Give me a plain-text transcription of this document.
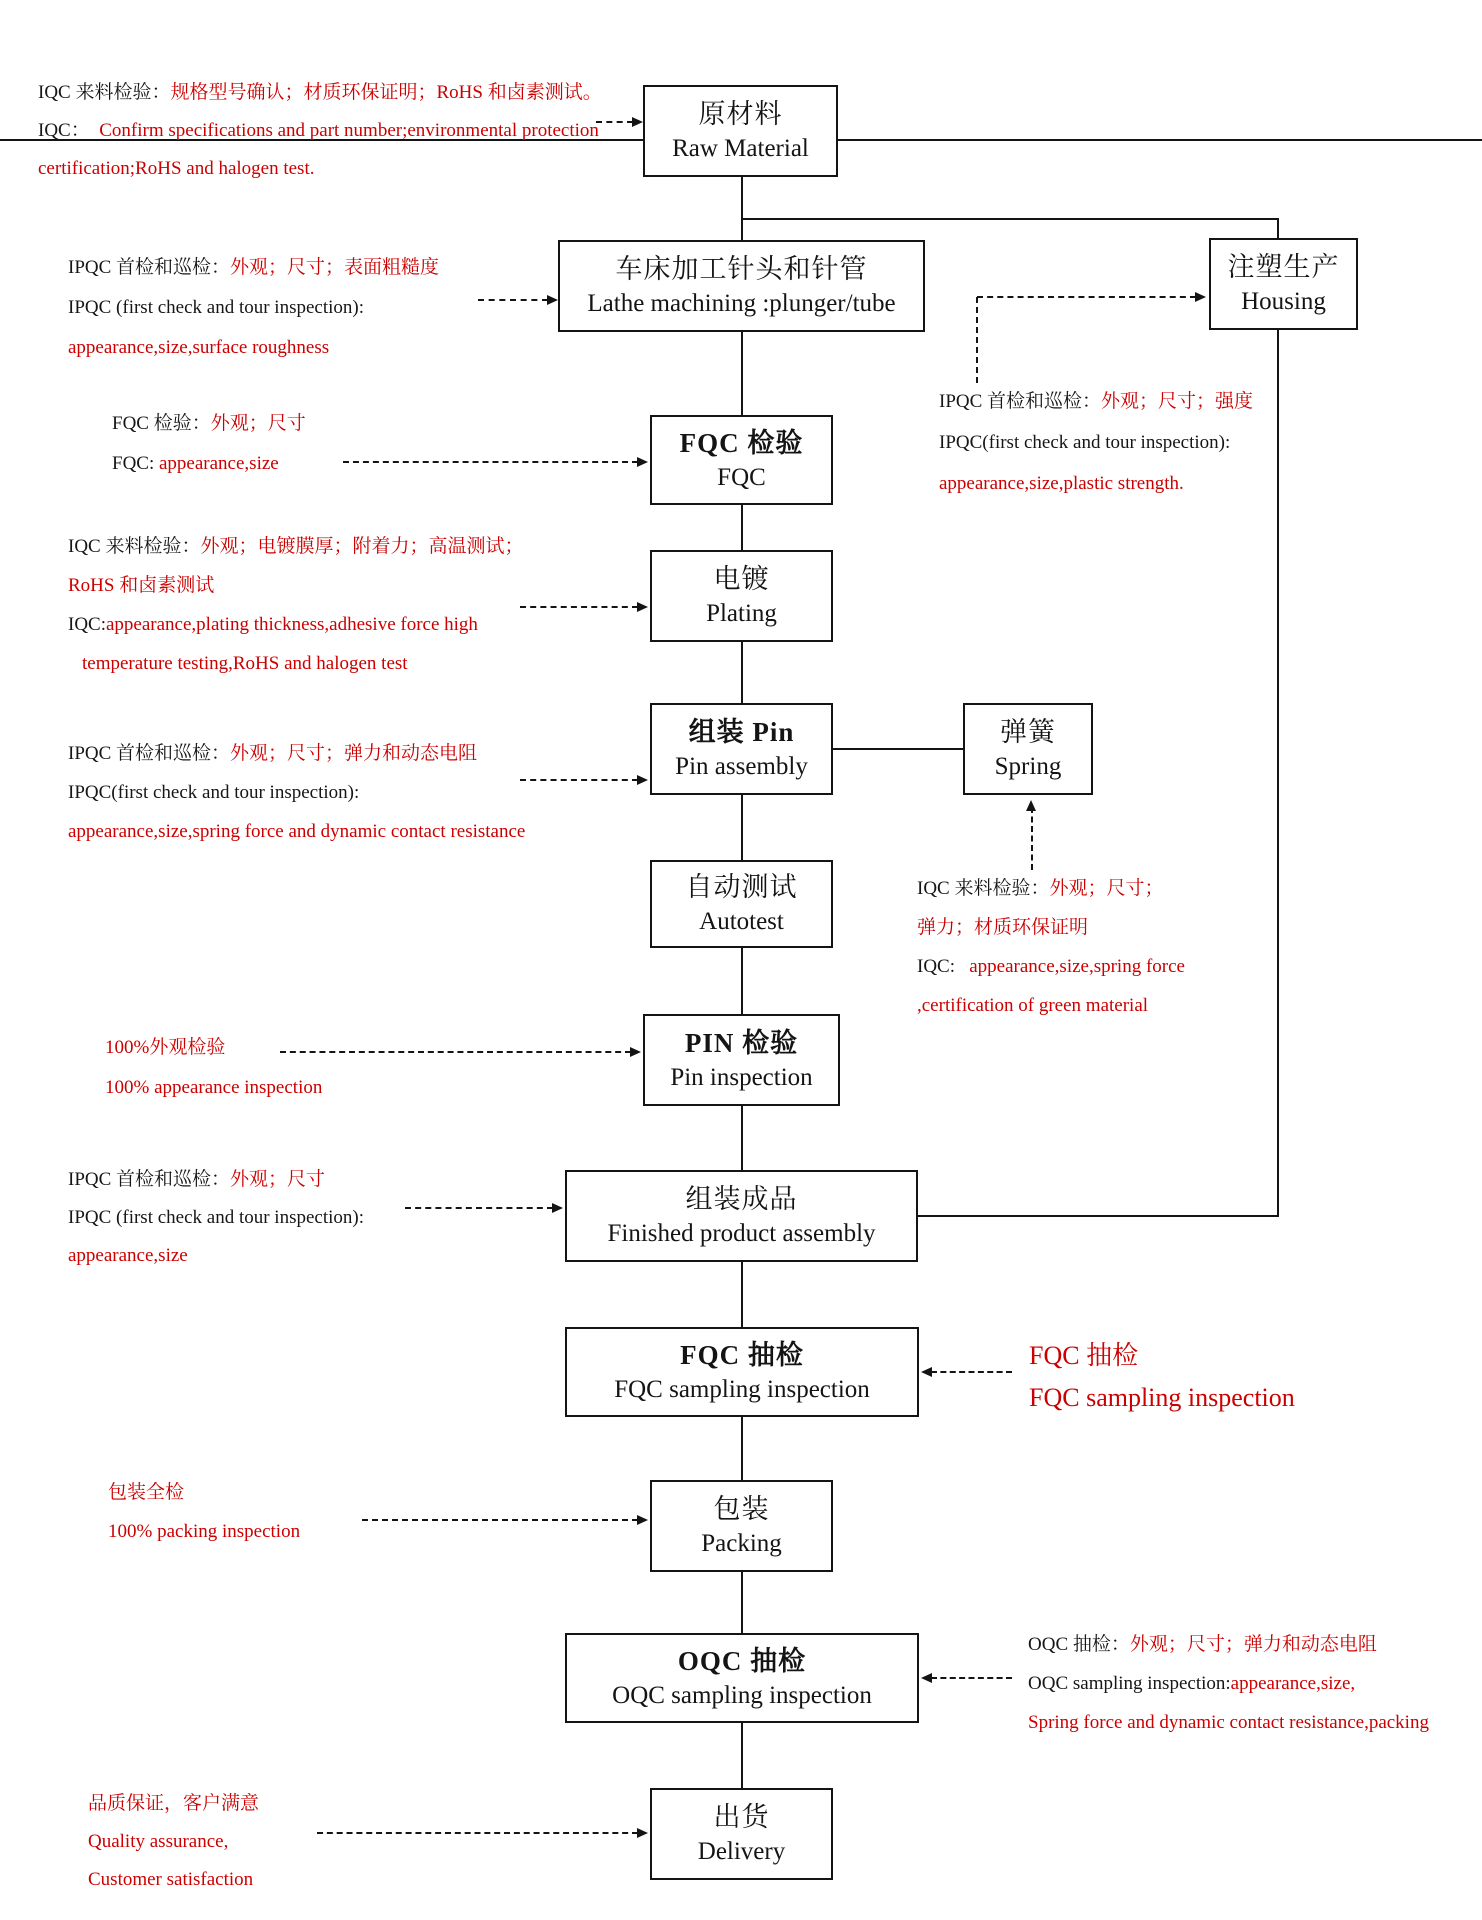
原材料
Raw Material
车床加工针头和针管
Lathe machining :plunger/tube
FQC 检验
FQC
电镀
Plating
组装 Pin
Pin assembly
弹簧
Spring
自动测试
Autotest
PIN 检验
Pin inspection
组装成品
Finished product assembly
FQC 抽检
FQC sampling inspection
包装
Packing
OQC 抽检
OQC sampling inspection
出货
Delivery
注塑生产
Housing
IQC 来料检验：规格型号确认；材质环保证明；RoHS 和卤素测试。
IQC：  Confirm specifications and part number;environmental protection
certification;RoHS and halogen test.
IPQC 首检和巡检：外观；尺寸；表面粗糙度
IPQC (first check and tour inspection):
appearance,size,surface roughness
FQC 检验：外观；尺寸
FQC: appearance,size
IQC 来料检验：外观；电镀膜厚；附着力；高温测试；
RoHS 和卤素测试
IQC:appearance,plating thickness,adhesive force high
temperature testing,RoHS and halogen test
IPQC 首检和巡检：外观；尺寸；弹力和动态电阻
IPQC(first check and tour inspection):
appearance,size,spring force and dynamic contact resistance
100%外观检验
100% appearance inspection
IPQC 首检和巡检：外观；尺寸
IPQC (first check and tour inspection):
appearance,size
包装全检
100% packing inspection
品质保证，客户满意
Quality assurance,
Customer satisfaction
IPQC 首检和巡检：外观；尺寸；强度
IPQC(first check and tour inspection):
appearance,size,plastic strength.
IQC 来料检验：外观；尺寸；
弹力；材质环保证明
IQC:   appearance,size,spring force
,certification of green material
FQC 抽检
FQC sampling inspection
OQC 抽检：外观；尺寸；弹力和动态电阻
OQC sampling inspection:appearance,size,
Spring force and dynamic contact resistance,packing
